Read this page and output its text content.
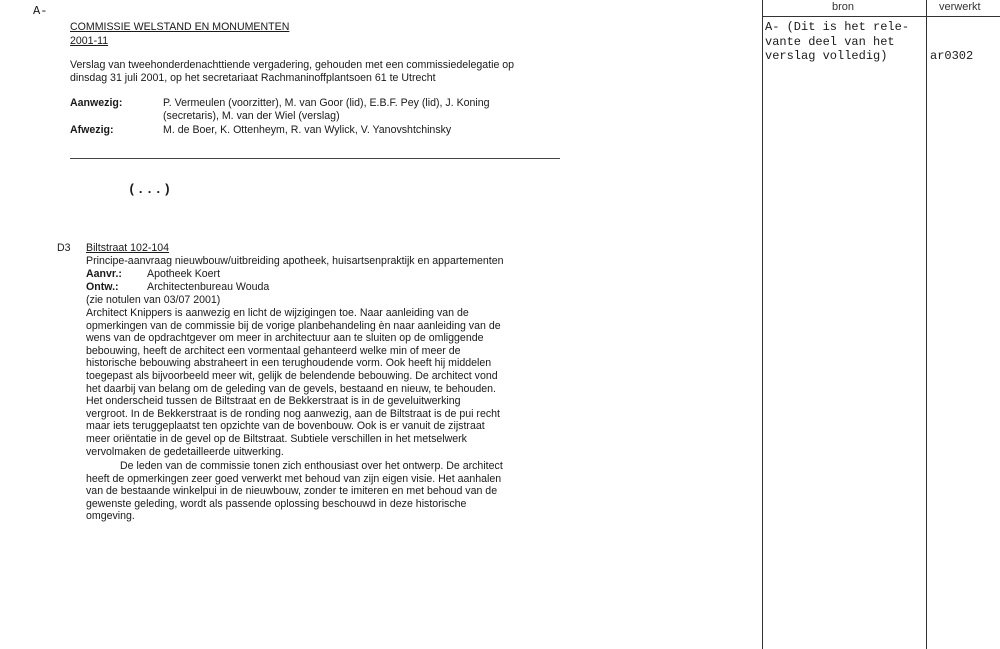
A-
COMMISSIE WELSTAND EN MONUMENTEN
2001-11
Verslag van tweehonderdenachttiende vergadering, gehouden met een commissiedelegatie op
dinsdag 31 juli 2001, op het secretariaat Rachmaninoffplantsoen 61 te Utrecht
Aanwezig:	P. Vermeulen (voorzitter), M. van Goor (lid), E.B.F. Pey (lid), J. Koning
(secretaris), M. van der Wiel (verslag)
Afwezig:	M. de Boer, K. Ottenheym, R. van Wylick, V. Yanovshtchinsky
(...)
D3 Biltstraat 102-104
Principe-aanvraag nieuwbouw/uitbreiding apotheek, huisartsenpraktijk en appartementen
Aanvr.: Apotheek Koert
Ontw.:	Architectenbureau Wouda
(zie notulen van 03/07 2001)

Architect Knippers is aanwezig en licht de wijzigingen toe. Naar aanleiding van de

opmerkingen van de commissie bij de vorige planbehandeling èn naar aanleiding van de

wens van de opdrachtgever om meer in architectuur aan te sluiten op de omliggende

bebouwing, heeft de architect een vormentaal gehanteerd welke min of meer de

historische bebouwing abstraheert in een terughoudende vorm. Ook heeft hij middelen

toegepast als bijvoorbeeld meer wit, gelijk de belendende bebouwing. De architect vond

het daarbij van belang om de geleding van de gevels, bestaand en nieuw, te behouden.

Het onderscheid tussen de Biltstraat en de Bekkerstraat is in de geveluitwerking

vergroot. In de Bekkerstraat is de ronding nog aanwezig, aan de Biltstraat is de pui recht

maar iets teruggeplaatst ten opzichte van de bovenbouw. Ook is er vanuit de zijstraat

meer oriëntatie in de gevel op de Biltstraat. Subtiele verschillen in het metselwerk

vervolmaken de gedetailleerde uitwerking.

De leden van de commissie tonen zich enthousiast over het ontwerp. De architect

heeft de opmerkingen zeer goed verwerkt met behoud van zijn eigen visie. Het aanhalen

van de bestaande winkelpui in de nieuwbouw, zonder te imiteren en met behoud van de

gewenste geleding, wordt als passende oplossing beschouwd in deze historische

omgeving.

bron	verwerkt
A- (Dit is het rele-
vante deel van het
verslag volledig)	ar0302
